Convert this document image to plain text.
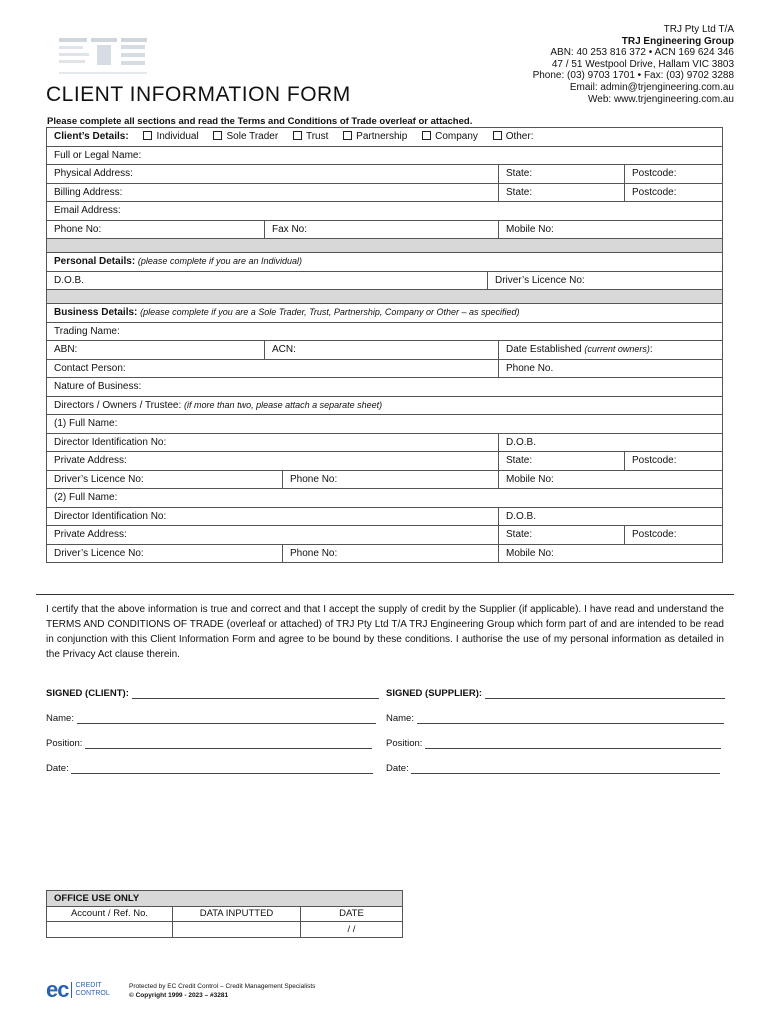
TRJ Pty Ltd T/A
TRJ Engineering Group
ABN: 40 253 816 372 • ACN 169 624 346
47 / 51 Westpool Drive, Hallam VIC 3803
Phone: (03) 9703 1701 • Fax: (03) 9702 3288
Email: admin@trjengineering.com.au
Web: www.trjengineering.com.au
CLIENT INFORMATION FORM
Please complete all sections and read the Terms and Conditions of Trade overleaf or attached.
Client’s Details: Individual Sole Trader Trust Partnership Company Other:					
Full or Legal Name:					
Physical Address:				State:	Postcode:
Billing Address:				State:	Postcode:
Email Address:					
Phone No:	Fax No:			Mobile No:	

Personal Details: (please complete if you are an Individual)					
D.O.B.			Driver’s Licence No:		

Business Details: (please complete if you are a Sole Trader, Trust, Partnership, Company or Other – as specified)					
Trading Name:					
ABN:	ACN:			Date Established (current owners):	
Contact Person:				Phone No.	
Nature of Business:					
Directors / Owners / Trustee: (if more than two, please attach a separate sheet)					
(1) Full Name:					
Director Identification No:				D.O.B.	
Private Address:				State:	Postcode:
Driver’s Licence No:		Phone No:		Mobile No:	
(2) Full Name:					
Director Identification No:				D.O.B.	
Private Address:				State:	Postcode:
Driver’s Licence No:		Phone No:		Mobile No:	
I certify that the above information is true and correct and that I accept the supply of credit by the Supplier (if applicable). I have read and understand the TERMS AND CONDITIONS OF TRADE (overleaf or attached) of TRJ Pty Ltd T/A TRJ Engineering Group which form part of and are intended to be read in conjunction with this Client Information Form and agree to be bound by these conditions. I authorise the use of my personal information as detailed in the Privacy Act clause therein.
SIGNED (CLIENT):	SIGNED (SUPPLIER):
Name:	Name:
Position:	Position:
Date:	Date:
OFFICE USE ONLY		
Account / Ref. No.	DATA INPUTTED	DATE
		/ /
ec CREDIT
CONTROL
Protected by EC Credit Control – Credit Management Specialists
© Copyright 1999 - 2023 – #3281
